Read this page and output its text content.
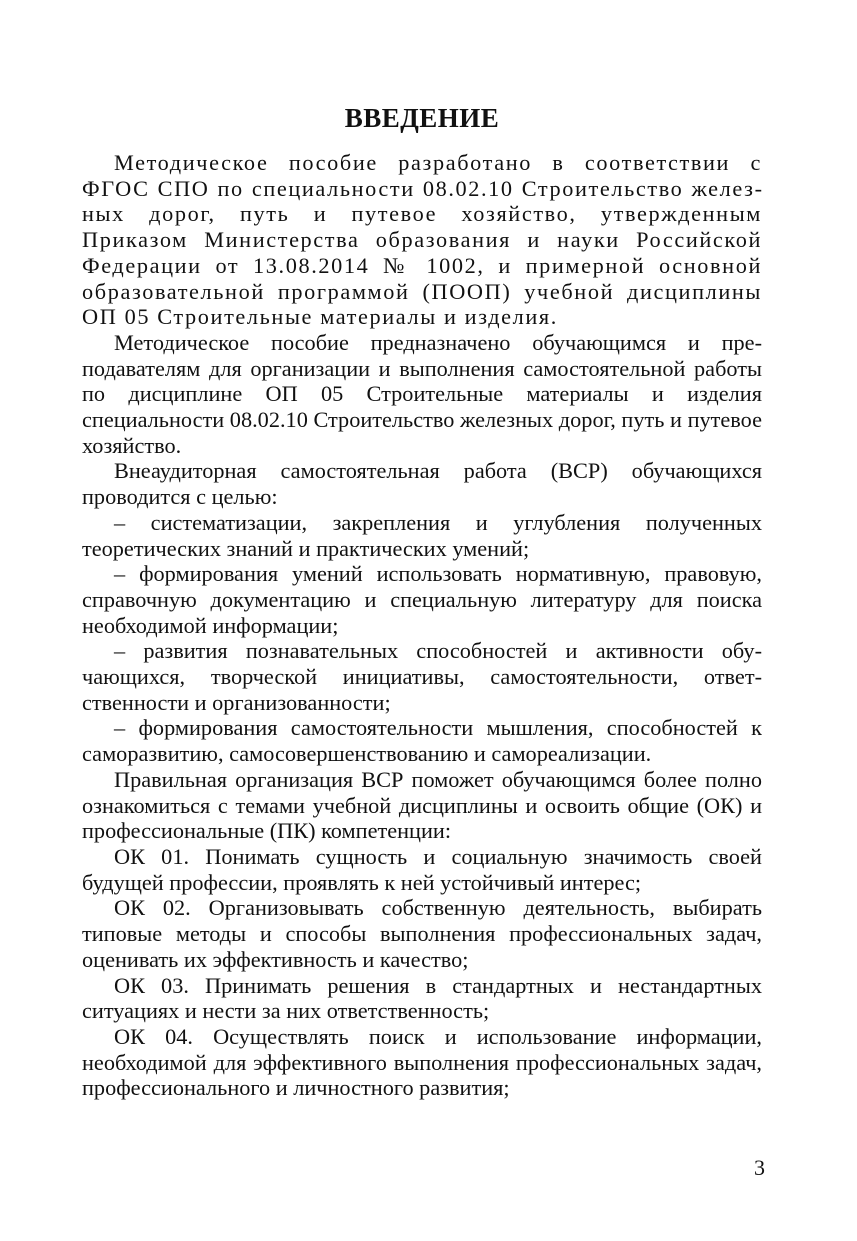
ВВЕДЕНИЕ

Методическое пособие разработано в соответствии с ФГОС СПО по специальности 08.02.10 Строительство железных дорог, путь и путевое хозяйство, утвержденным Приказом Министерства образования и науки Российской Федерации от 13.08.2014 № 1002, и примерной основной образовательной программой (ПООП) учебной дисциплины ОП 05 Строительные материалы и изделия.

Методическое пособие предназначено обучающимся и преподавателям для организации и выполнения самостоятельной работы по дисциплине ОП 05 Строительные материалы и изделия специальности 08.02.10 Строительство железных дорог, путь и путевое хозяйство.

Внеаудиторная самостоятельная работа (ВСР) обучающихся проводится с целью:

– систематизации, закрепления и углубления полученных теоретических знаний и практических умений;

– формирования умений использовать нормативную, правовую, справочную документацию и специальную литературу для поиска необходимой информации;

– развития познавательных способностей и активности обучающихся, творческой инициативы, самостоятельности, ответственности и организованности;

– формирования самостоятельности мышления, способностей к саморазвитию, самосовершенствованию и самореализации.

Правильная организация ВСР поможет обучающимся более полно ознакомиться с темами учебной дисциплины и освоить общие (ОК) и профессиональные (ПК) компетенции:

ОК 01. Понимать сущность и социальную значимость своей будущей профессии, проявлять к ней устойчивый интерес;

ОК 02. Организовывать собственную деятельность, выбирать типовые методы и способы выполнения профессиональных задач, оценивать их эффективность и качество;

ОК 03. Принимать решения в стандартных и нестандартных ситуациях и нести за них ответственность;

ОК 04. Осуществлять поиск и использование информации, необходимой для эффективного выполнения профессиональных задач, профессионального и личностного развития;

3
